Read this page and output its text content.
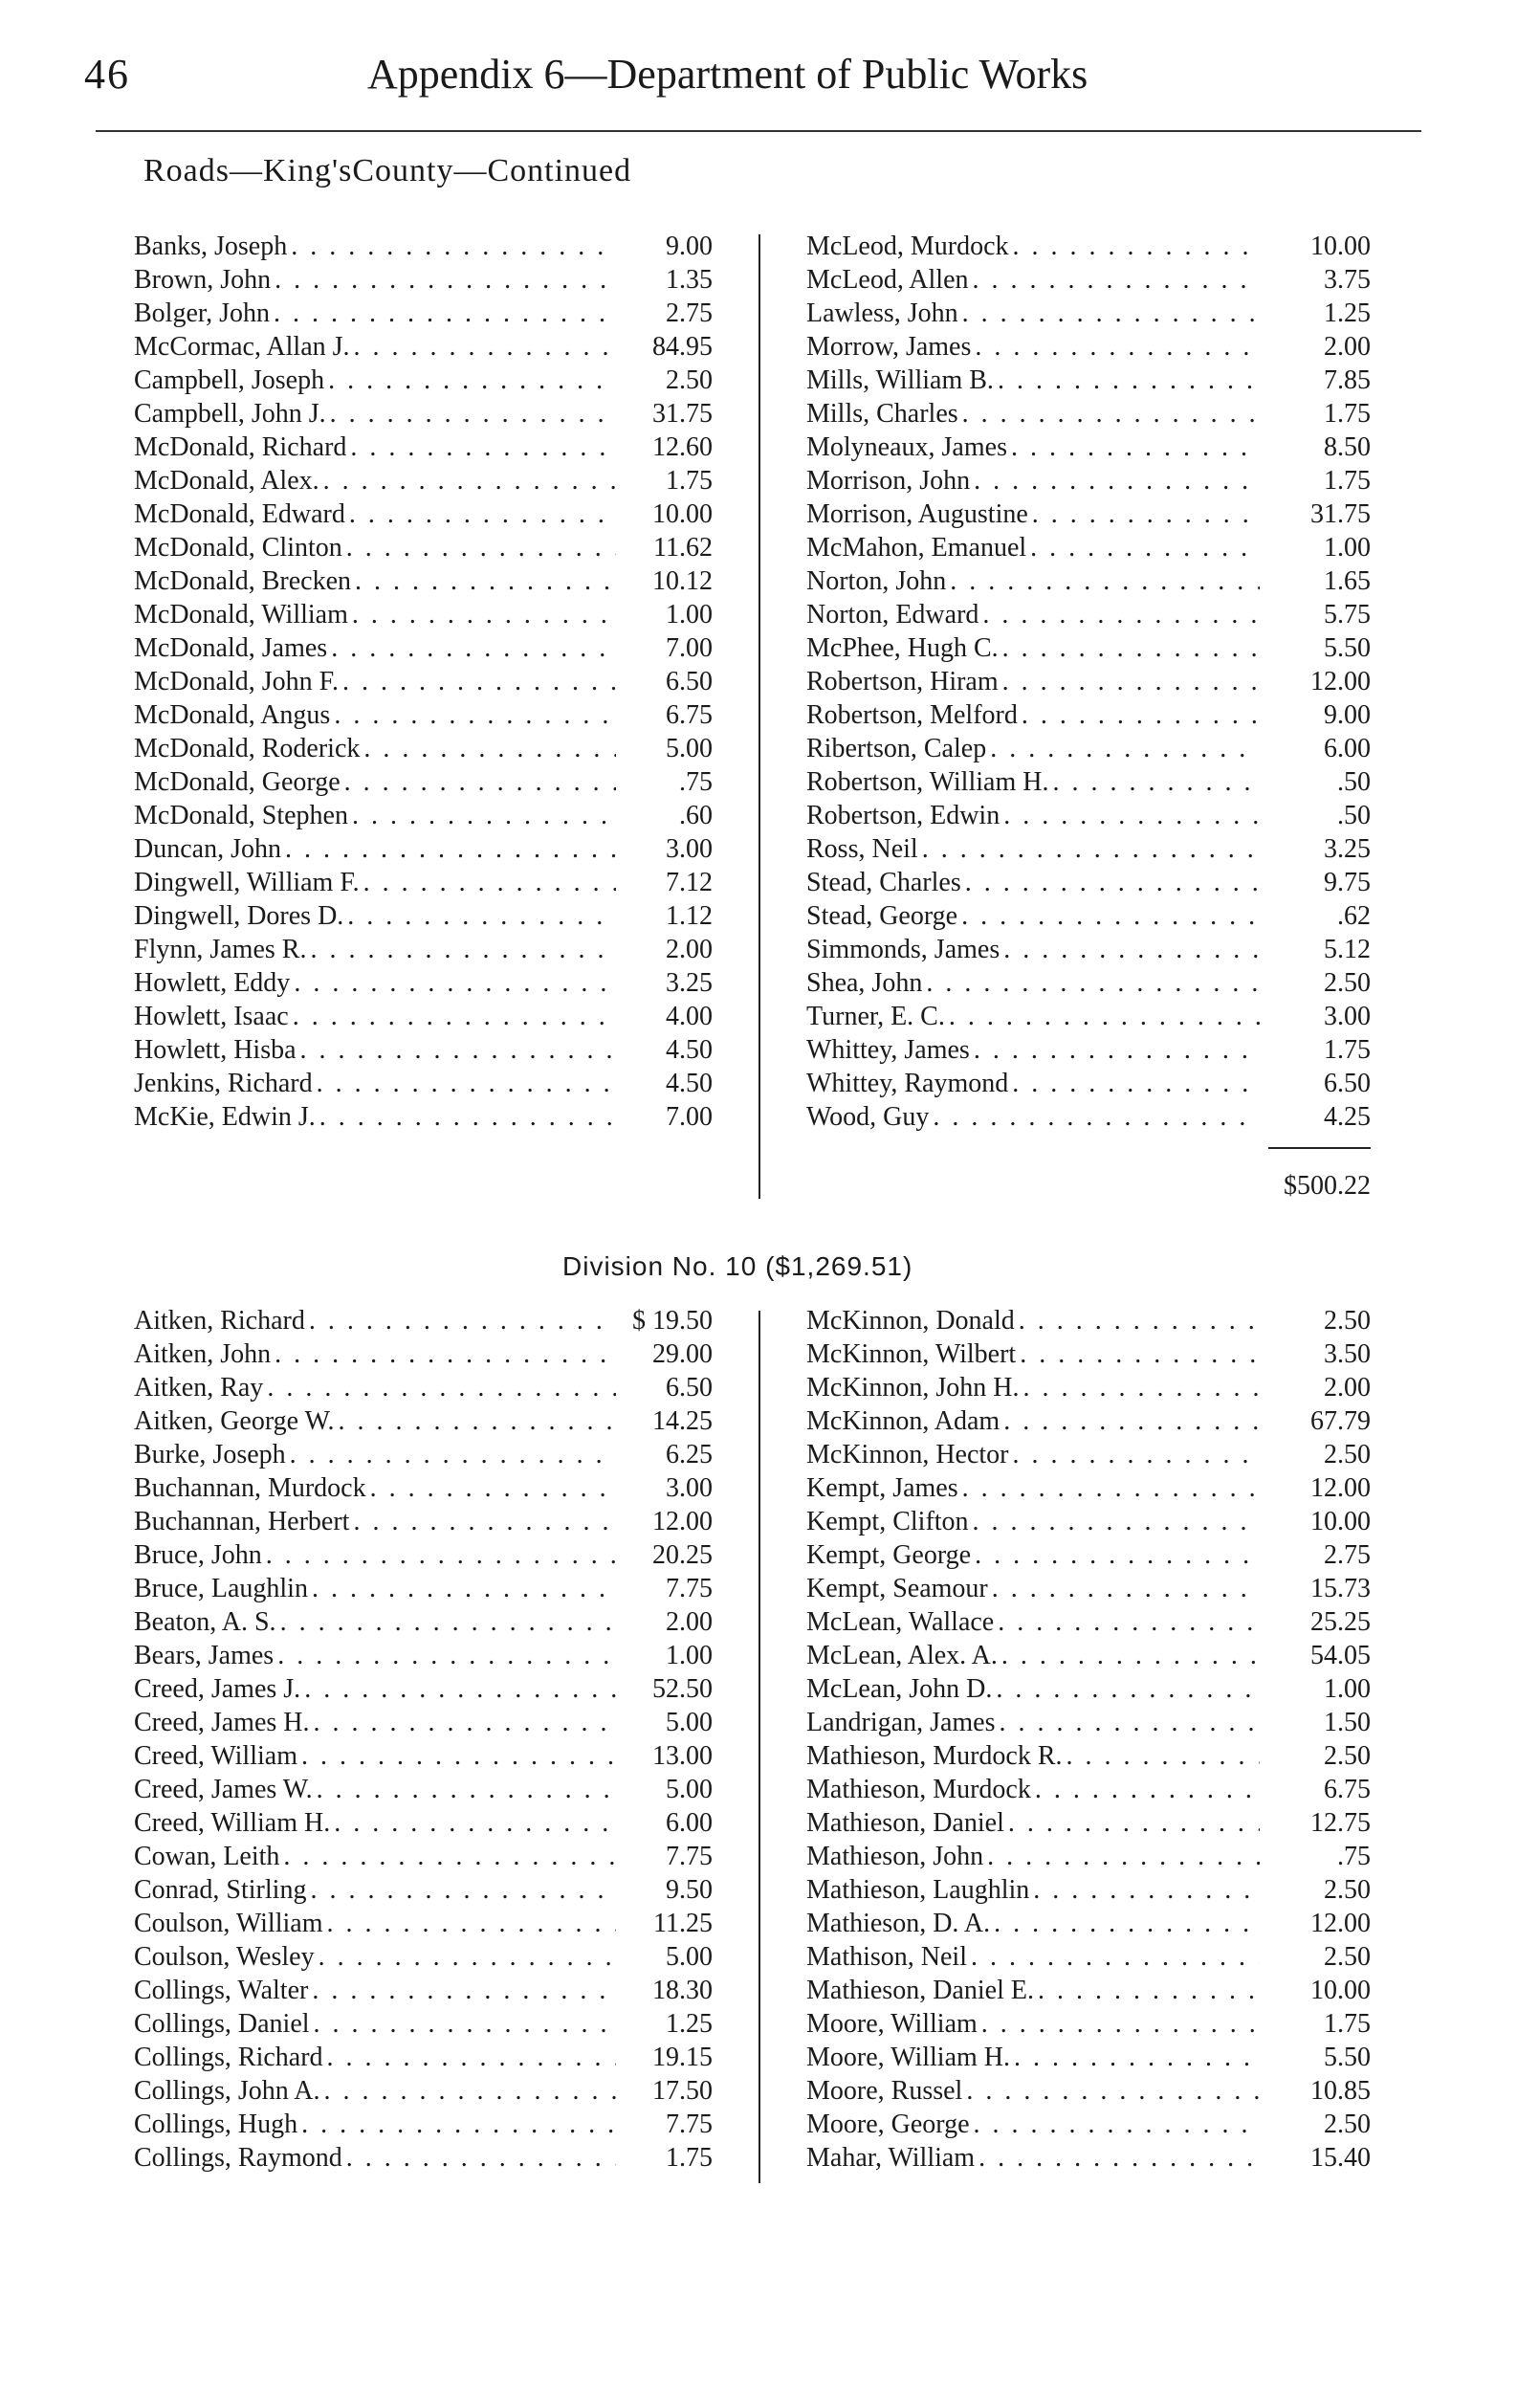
46	Appendix 6—Department of Public Works
Roads—King'sCounty—Continued
Banks, Joseph . . .	9.00
Brown, John . . .	1.35
Bolger, John . . .	2.75
McCormac, Allan J. . . .	84.95
Campbell, Joseph . . .	2.50
Campbell, John J. . . .	31.75
McDonald, Richard . . .	12.60
McDonald, Alex. . . .	1.75
McDonald, Edward . . .	10.00
McDonald, Clinton . . .	11.62
McDonald, Brecken . . .	10.12
McDonald, William . . .	1.00
McDonald, James . . .	7.00
McDonald, John F. . . .	6.50
McDonald, Angus . . .	6.75
McDonald, Roderick . . .	5.00
McDonald, George . . .	.75
McDonald, Stephen . . .	.60
Duncan, John . . .	3.00
Dingwell, William F. . . .	7.12
Dingwell, Dores D. . . .	1.12
Flynn, James R. . . .	2.00
Howlett, Eddy . . .	3.25
Howlett, Isaac . . .	4.00
Howlett, Hisba . . .	4.50
Jenkins, Richard . . .	4.50
McKie, Edwin J. . . .	7.00
McLeod, Murdock . . .	10.00
McLeod, Allen . . .	3.75
Lawless, John . . .	1.25
Morrow, James . . .	2.00
Mills, William B. . . .	7.85
Mills, Charles . . .	1.75
Molyneaux, James . . .	8.50
Morrison, John . . .	1.75
Morrison, Augustine . . .	31.75
McMahon, Emanuel . . .	1.00
Norton, John . . .	1.65
Norton, Edward . . .	5.75
McPhee, Hugh C. . . .	5.50
Robertson, Hiram . . .	12.00
Robertson, Melford . . .	9.00
Ribertson, Calep . . .	6.00
Robertson, William H. . . .	.50
Robertson, Edwin . . .	.50
Ross, Neil . . .	3.25
Stead, Charles . . .	9.75
Stead, George . . .	.62
Simmonds, James . . .	5.12
Shea, John . . .	2.50
Turner, E. C. . . .	3.00
Whittey, James . . .	1.75
Whittey, Raymond . . .	6.50
Wood, Guy . . .	4.25
$500.22
Division No. 10 ($1,269.51)
Aitken, Richard . . .	$ 19.50
Aitken, John . . .	29.00
Aitken, Ray . . .	6.50
Aitken, George W. . . .	14.25
Burke, Joseph . . .	6.25
Buchannan, Murdock . . .	3.00
Buchannan, Herbert . . .	12.00
Bruce, John . . .	20.25
Bruce, Laughlin . . .	7.75
Beaton, A. S. . . .	2.00
Bears, James . . .	1.00
Creed, James J. . . .	52.50
Creed, James H. . . .	5.00
Creed, William . . .	13.00
Creed, James W. . . .	5.00
Creed, William H. . . .	6.00
Cowan, Leith . . .	7.75
Conrad, Stirling . . .	9.50
Coulson, William . . .	11.25
Coulson, Wesley . . .	5.00
Collings, Walter . . .	18.30
Collings, Daniel . . .	1.25
Collings, Richard . . .	19.15
Collings, John A. . . .	17.50
Collings, Hugh . . .	7.75
Collings, Raymond . . .	1.75
McKinnon, Donald . . .	2.50
McKinnon, Wilbert . . .	3.50
McKinnon, John H. . . .	2.00
McKinnon, Adam . . .	67.79
McKinnon, Hector . . .	2.50
Kempt, James . . .	12.00
Kempt, Clifton . . .	10.00
Kempt, George . . .	2.75
Kempt, Seamour . . .	15.73
McLean, Wallace . . .	25.25
McLean, Alex. A. . . .	54.05
McLean, John D. . . .	1.00
Landrigan, James . . .	1.50
Mathieson, Murdock R. . . .	2.50
Mathieson, Murdock . . .	6.75
Mathieson, Daniel . . .	12.75
Mathieson, John . . .	.75
Mathieson, Laughlin . . .	2.50
Mathieson, D. A. . . .	12.00
Mathison, Neil . . .	2.50
Mathieson, Daniel E. . . .	10.00
Moore, William . . .	1.75
Moore, William H. . . .	5.50
Moore, Russel . . .	10.85
Moore, George . . .	2.50
Mahar, William . . .	15.40
